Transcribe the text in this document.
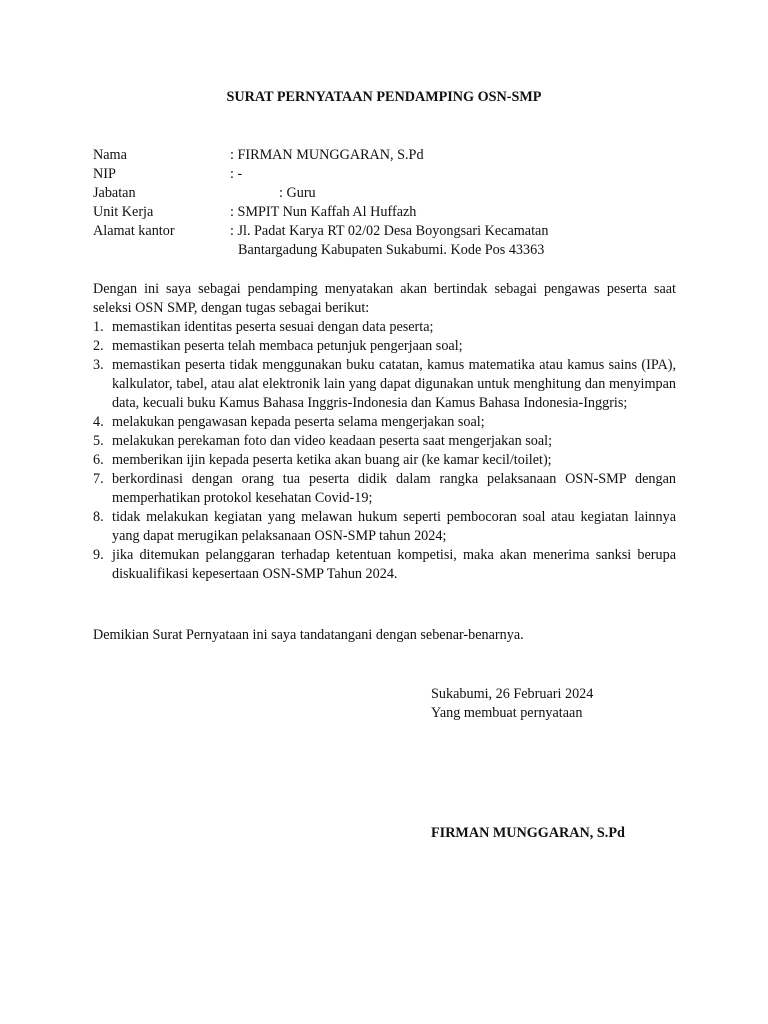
SURAT PERNYATAAN PENDAMPING OSN-SMP
Nama	: FIRMAN MUNGGARAN, S.Pd
NIP	: -
Jabatan	: Guru
Unit Kerja	: SMPIT Nun Kaffah Al Huffazh
Alamat kantor	: Jl. Padat Karya RT 02/02 Desa Boyongsari Kecamatan
Bantargadung Kabupaten Sukabumi. Kode Pos 43363
Dengan ini saya sebagai pendamping menyatakan akan bertindak sebagai pengawas peserta saat seleksi OSN SMP, dengan tugas sebagai berikut:
1. memastikan identitas peserta sesuai dengan data peserta;
2. memastikan peserta telah membaca petunjuk pengerjaan soal;
3. memastikan peserta tidak menggunakan buku catatan, kamus matematika atau kamus sains (IPA), kalkulator, tabel, atau alat elektronik lain yang dapat digunakan untuk menghitung dan menyimpan data, kecuali buku Kamus Bahasa Inggris-Indonesia dan Kamus Bahasa Indonesia-Inggris;
4. melakukan pengawasan kepada peserta selama mengerjakan soal;
5. melakukan perekaman foto dan video keadaan peserta saat mengerjakan soal;
6. memberikan ijin kepada peserta ketika akan buang air (ke kamar kecil/toilet);
7. berkordinasi dengan orang tua peserta didik dalam rangka pelaksanaan OSN-SMP dengan memperhatikan protokol kesehatan Covid-19;
8. tidak melakukan kegiatan yang melawan hukum seperti pembocoran soal atau kegiatan lainnya yang dapat merugikan pelaksanaan OSN-SMP tahun 2024;
9. jika ditemukan pelanggaran terhadap ketentuan kompetisi, maka akan menerima sanksi berupa diskualifikasi kepesertaan OSN-SMP Tahun 2024.
Demikian Surat Pernyataan ini saya tandatangani dengan sebenar-benarnya.
Sukabumi, 26 Februari 2024
Yang membuat pernyataan
FIRMAN MUNGGARAN, S.Pd
